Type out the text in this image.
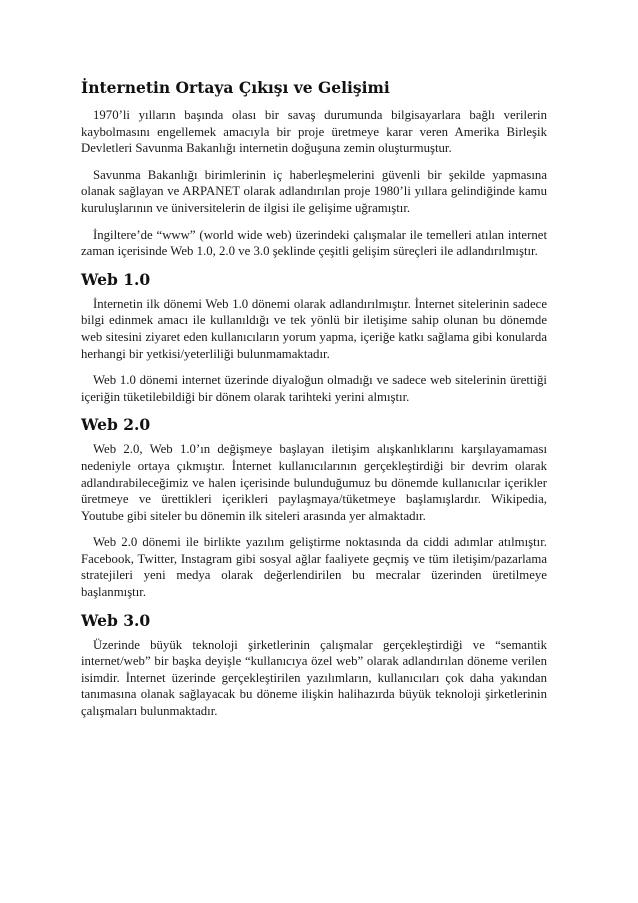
İnternetin Ortaya Çıkışı ve Gelişimi

1970’li yılların başında olası bir savaş durumunda bilgisayarlara bağlı verilerin kaybolmasını engellemek amacıyla bir proje üretmeye karar veren Amerika Birleşik Devletleri Savunma Bakanlığı internetin doğuşuna zemin oluşturmuştur.

Savunma Bakanlığı birimlerinin iç haberleşmelerini güvenli bir şekilde yapmasına olanak sağlayan ve ARPANET olarak adlandırılan proje 1980’li yıllara gelindiğinde kamu kuruluşlarının ve üniversitelerin de ilgisi ile gelişime uğramıştır.

İngiltere’de “www” (world wide web) üzerindeki çalışmalar ile temelleri atılan internet zaman içerisinde Web 1.0, 2.0 ve 3.0 şeklinde çeşitli gelişim süreçleri ile adlandırılmıştır.

Web 1.0

İnternetin ilk dönemi Web 1.0 dönemi olarak adlandırılmıştır. İnternet sitelerinin sadece bilgi edinmek amacı ile kullanıldığı ve tek yönlü bir iletişime sahip olunan bu dönemde web sitesini ziyaret eden kullanıcıların yorum yapma, içeriğe katkı sağlama gibi konularda herhangi bir yetkisi/yeterliliği bulunmamaktadır.

Web 1.0 dönemi internet üzerinde diyaloğun olmadığı ve sadece web sitelerinin ürettiği içeriğin tüketilebildiği bir dönem olarak tarihteki yerini almıştır.

Web 2.0

Web 2.0, Web 1.0’ın değişmeye başlayan iletişim alışkanlıklarını karşılayamaması nedeniyle ortaya çıkmıştır. İnternet kullanıcılarının gerçekleştirdiği bir devrim olarak adlandırabileceğimiz ve halen içerisinde bulunduğumuz bu dönemde kullanıcılar içerikler üretmeye ve ürettikleri içerikleri paylaşmaya/tüketmeye başlamışlardır. Wikipedia, Youtube gibi siteler bu dönemin ilk siteleri arasında yer almaktadır.

Web 2.0 dönemi ile birlikte yazılım geliştirme noktasında da ciddi adımlar atılmıştır. Facebook, Twitter, Instagram gibi sosyal ağlar faaliyete geçmiş ve tüm iletişim/pazarlama stratejileri yeni medya olarak değerlendirilen bu mecralar üzerinden üretilmeye başlanmıştır.

Web 3.0

Üzerinde büyük teknoloji şirketlerinin çalışmalar gerçekleştirdiği ve “semantik internet/web” bir başka deyişle “kullanıcıya özel web” olarak adlandırılan döneme verilen isimdir. İnternet üzerinde gerçekleştirilen yazılımların, kullanıcıları çok daha yakından tanımasına olanak sağlayacak bu döneme ilişkin halihazırda büyük teknoloji şirketlerinin çalışmaları bulunmaktadır.
